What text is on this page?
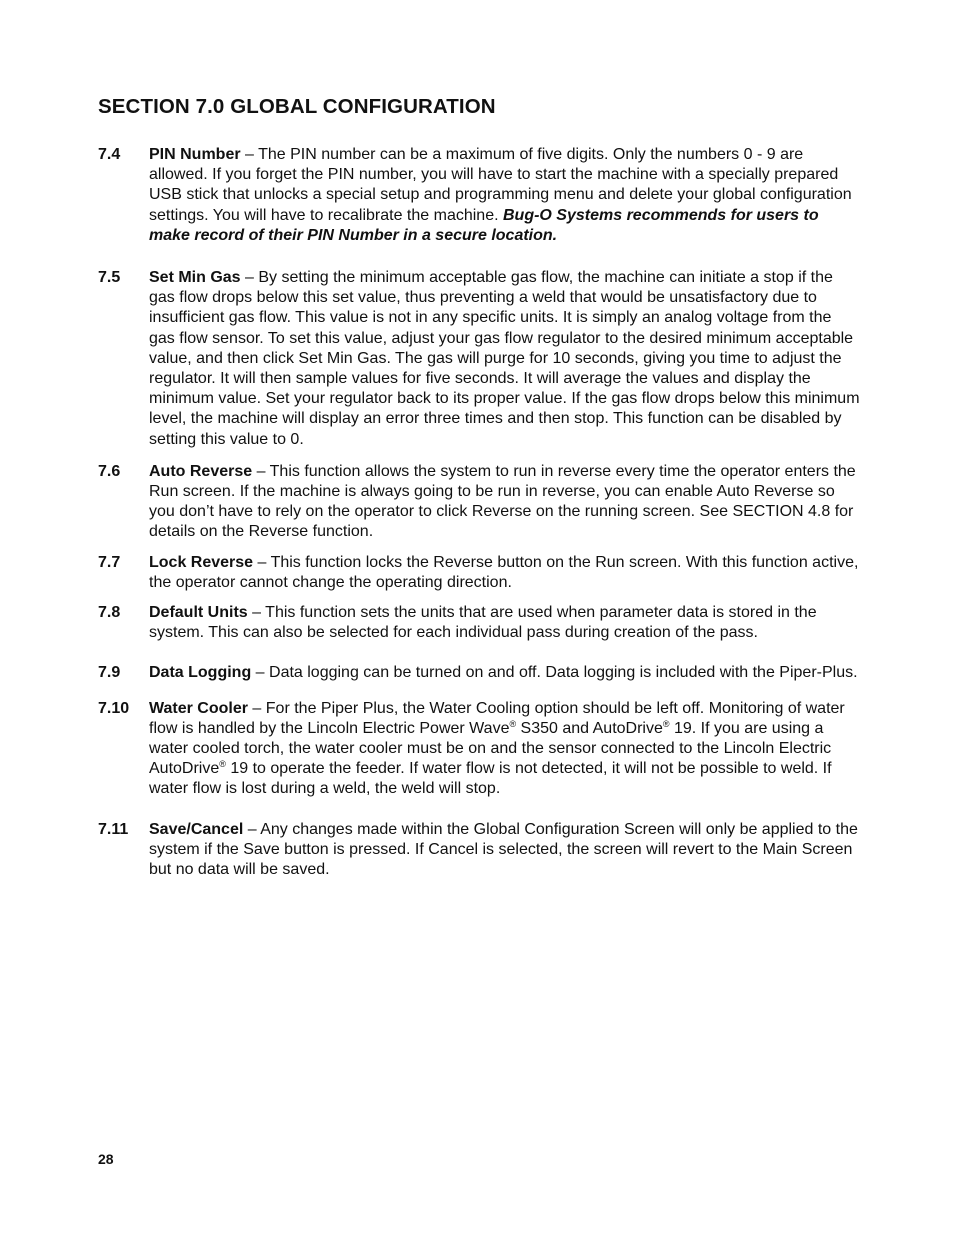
SECTION 7.0 GLOBAL CONFIGURATION
7.4 PIN Number – The PIN number can be a maximum of five digits. Only the numbers 0 - 9 are allowed. If you forget the PIN number, you will have to start the machine with a specially prepared USB stick that unlocks a special setup and programming menu and delete your global configuration settings. You will have to recalibrate the machine. Bug-O Systems recommends for users to make record of their PIN Number in a secure location.
7.5 Set Min Gas – By setting the minimum acceptable gas flow, the machine can initiate a stop if the gas flow drops below this set value, thus preventing a weld that would be unsatisfactory due to insufficient gas flow. This value is not in any specific units. It is simply an analog voltage from the gas flow sensor. To set this value, adjust your gas flow regulator to the desired minimum acceptable value, and then click Set Min Gas. The gas will purge for 10 seconds, giving you time to adjust the regulator. It will then sample values for five seconds. It will average the values and display the minimum value. Set your regulator back to its proper value. If the gas flow drops below this minimum level, the machine will display an error three times and then stop. This function can be disabled by setting this value to 0.
7.6 Auto Reverse – This function allows the system to run in reverse every time the operator enters the Run screen. If the machine is always going to be run in reverse, you can enable Auto Reverse so you don’t have to rely on the operator to click Reverse on the running screen. See SECTION 4.8 for details on the Reverse function.
7.7 Lock Reverse – This function locks the Reverse button on the Run screen. With this function active, the operator cannot change the operating direction.
7.8 Default Units – This function sets the units that are used when parameter data is stored in the system. This can also be selected for each individual pass during creation of the pass.
7.9 Data Logging – Data logging can be turned on and off. Data logging is included with the Piper-Plus.
7.10 Water Cooler – For the Piper Plus, the Water Cooling option should be left off. Monitoring of water flow is handled by the Lincoln Electric Power Wave® S350 and AutoDrive® 19. If you are using a water cooled torch, the water cooler must be on and the sensor connected to the Lincoln Electric AutoDrive® 19 to operate the feeder. If water flow is not detected, it will not be possible to weld. If water flow is lost during a weld, the weld will stop.
7.11 Save/Cancel – Any changes made within the Global Configuration Screen will only be applied to the system if the Save button is pressed. If Cancel is selected, the screen will revert to the Main Screen but no data will be saved.
28
